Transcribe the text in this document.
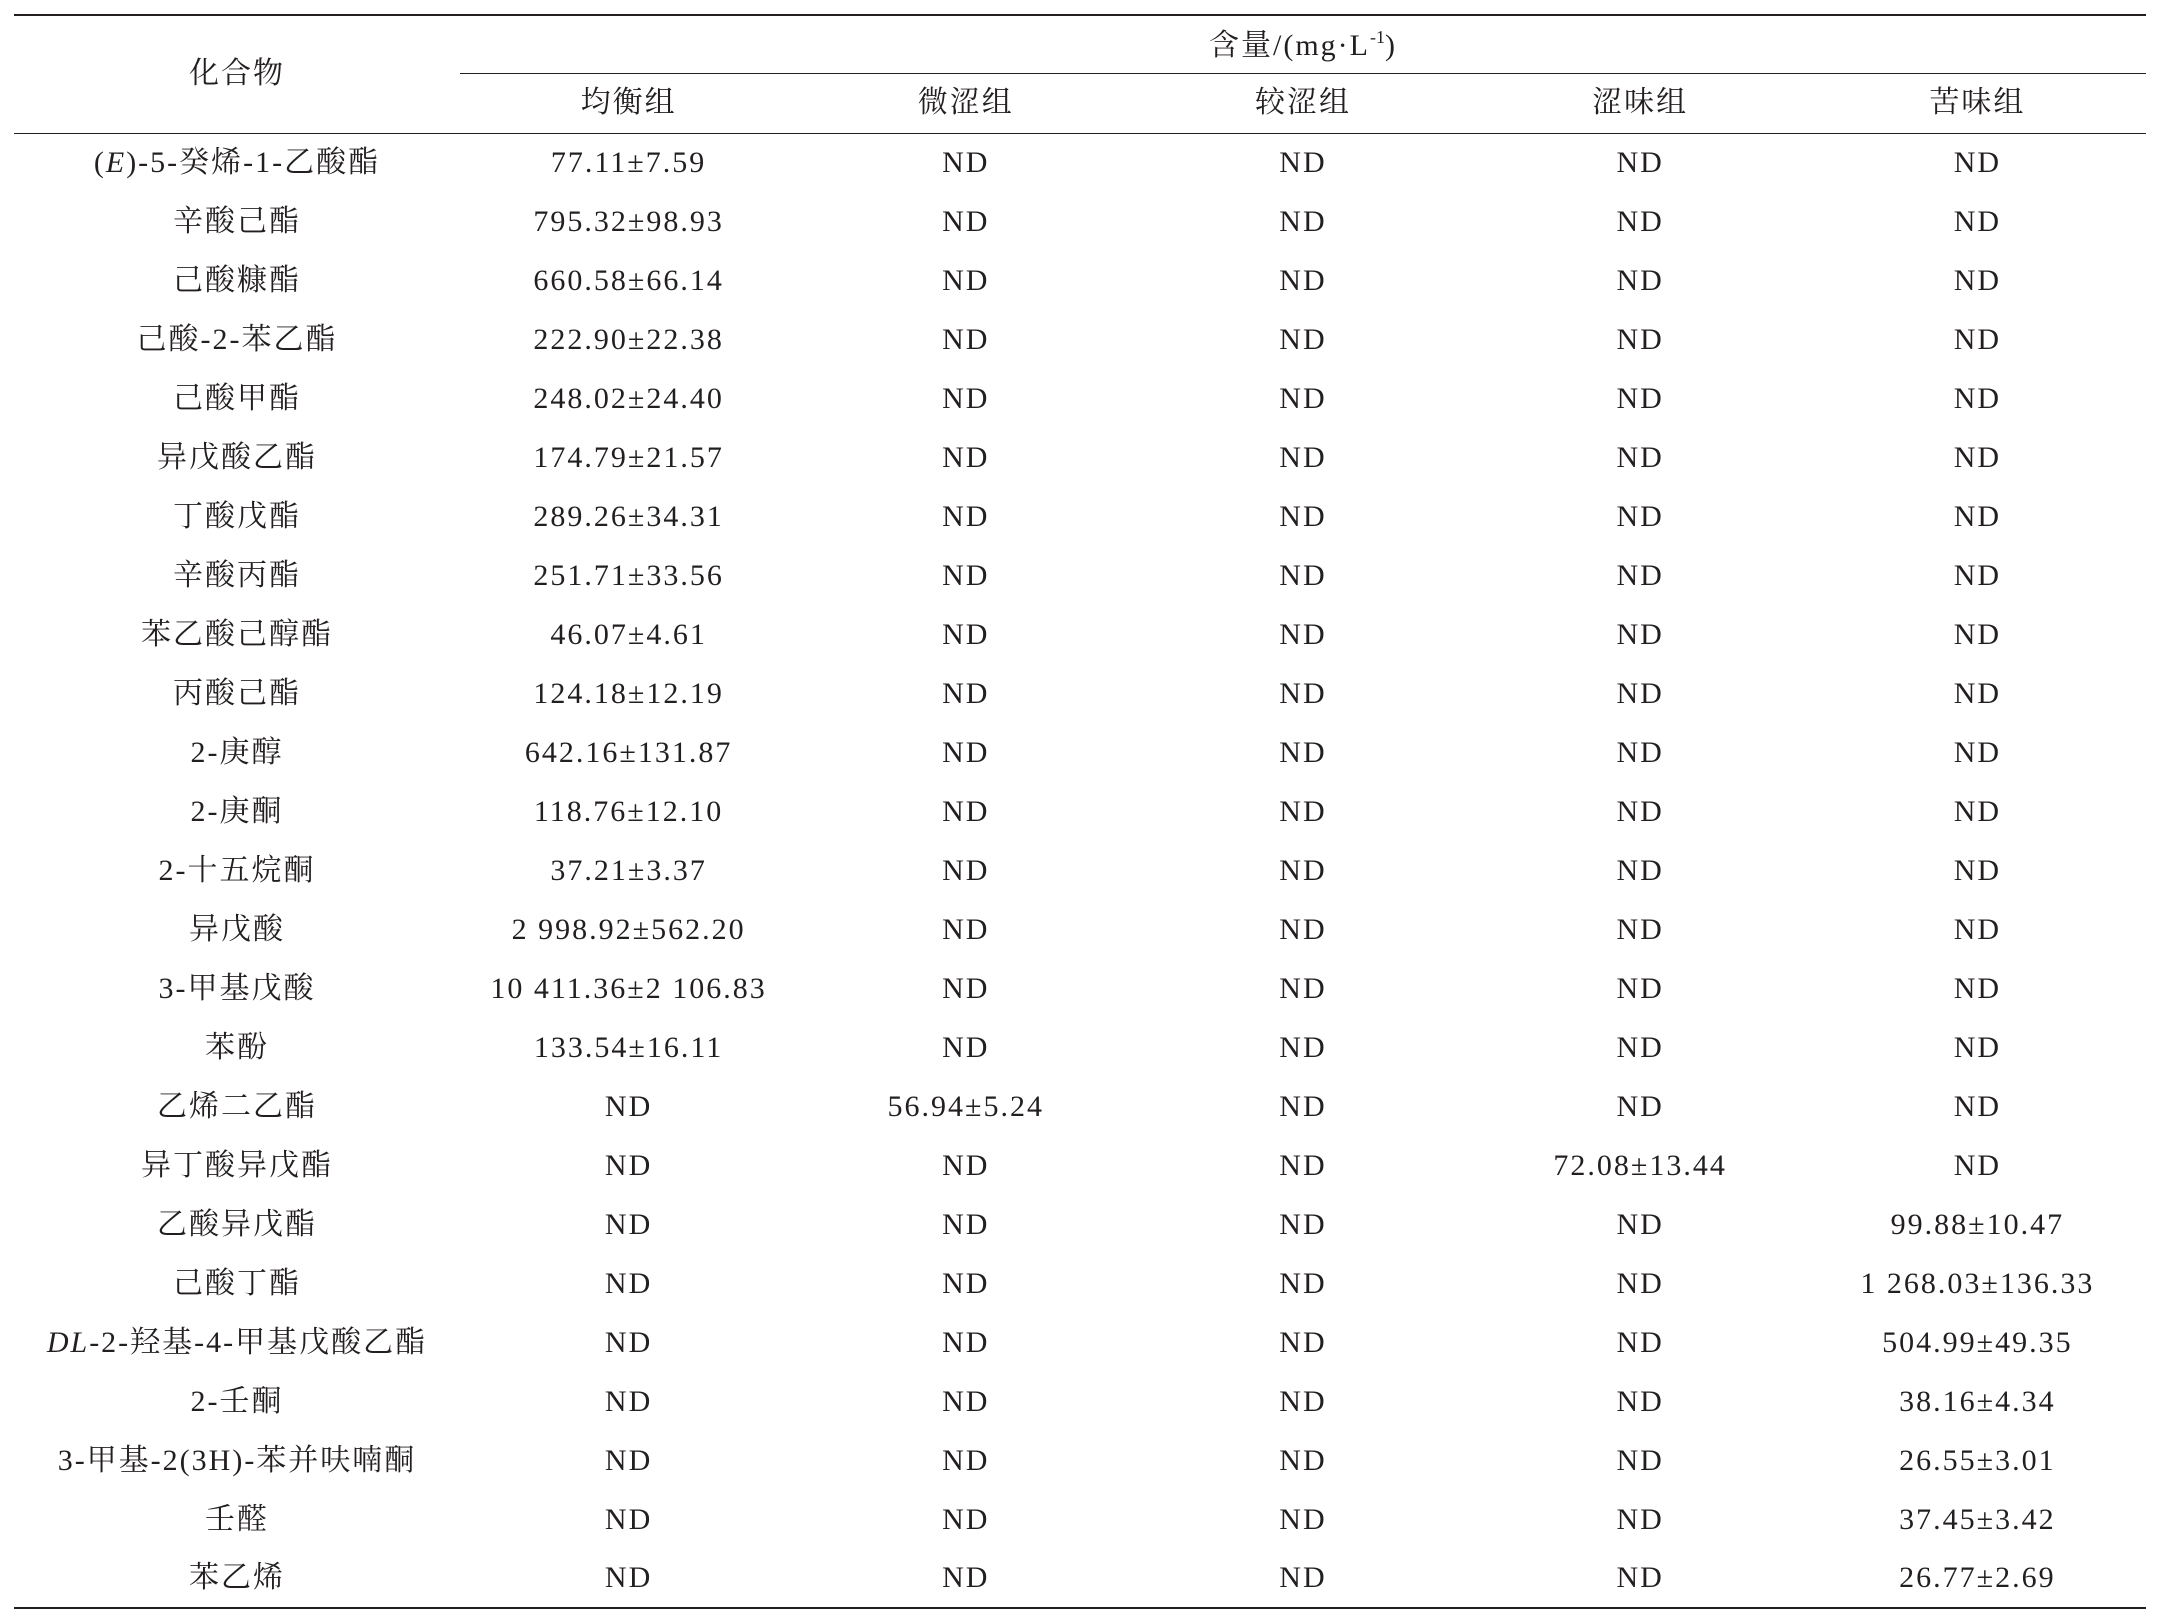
化合物	含量$/(mg\cdot L^{-1})$				
	均衡组	微涩组	较涩组	涩味组	苦味组
(E)-5-癸烯-1-乙酸酯	77.11±7.59	ND	ND	ND	ND
辛酸己酯	795.32±98.93	ND	ND	ND	ND
己酸糠酯	660.58±66.14	ND	ND	ND	ND
己酸-2-苯乙酯	222.90±22.38	ND	ND	ND	ND
己酸甲酯	248.02±24.40	ND	ND	ND	ND
异戊酸乙酯	174.79±21.57	ND	ND	ND	ND
丁酸戊酯	289.26±34.31	ND	ND	ND	ND
辛酸丙酯	251.71±33.56	ND	ND	ND	ND
苯乙酸己醇酯	46.07±4.61	ND	ND	ND	ND
丙酸己酯	124.18±12.19	ND	ND	ND	ND
2-庚醇	642.16±131.87	ND	ND	ND	ND
2-庚酮	118.76±12.10	ND	ND	ND	ND
2-十五烷酮	37.21±3.37	ND	ND	ND	ND
异戊酸	2 998.92±562.20	ND	ND	ND	ND
3-甲基戊酸	10 411.36±2 106.83	ND	ND	ND	ND
苯酚	133.54±16.11	ND	ND	ND	ND
乙烯二乙酯	ND	56.94±5.24	ND	ND	ND
异丁酸异戊酯	ND	ND	ND	72.08±13.44	ND
乙酸异戊酯	ND	ND	ND	ND	99.88±10.47
己酸丁酯	ND	ND	ND	ND	1 268.03±136.33
DL-2-羟基-4-甲基戊酸乙酯	ND	ND	ND	ND	504.99±49.35
2-壬酮	ND	ND	ND	ND	38.16±4.34
3-甲基-2(3H)-苯并呋喃酮	ND	ND	ND	ND	26.55±3.01
壬醛	ND	ND	ND	ND	37.45±3.42
苯乙烯	ND	ND	ND	ND	26.77±2.69
